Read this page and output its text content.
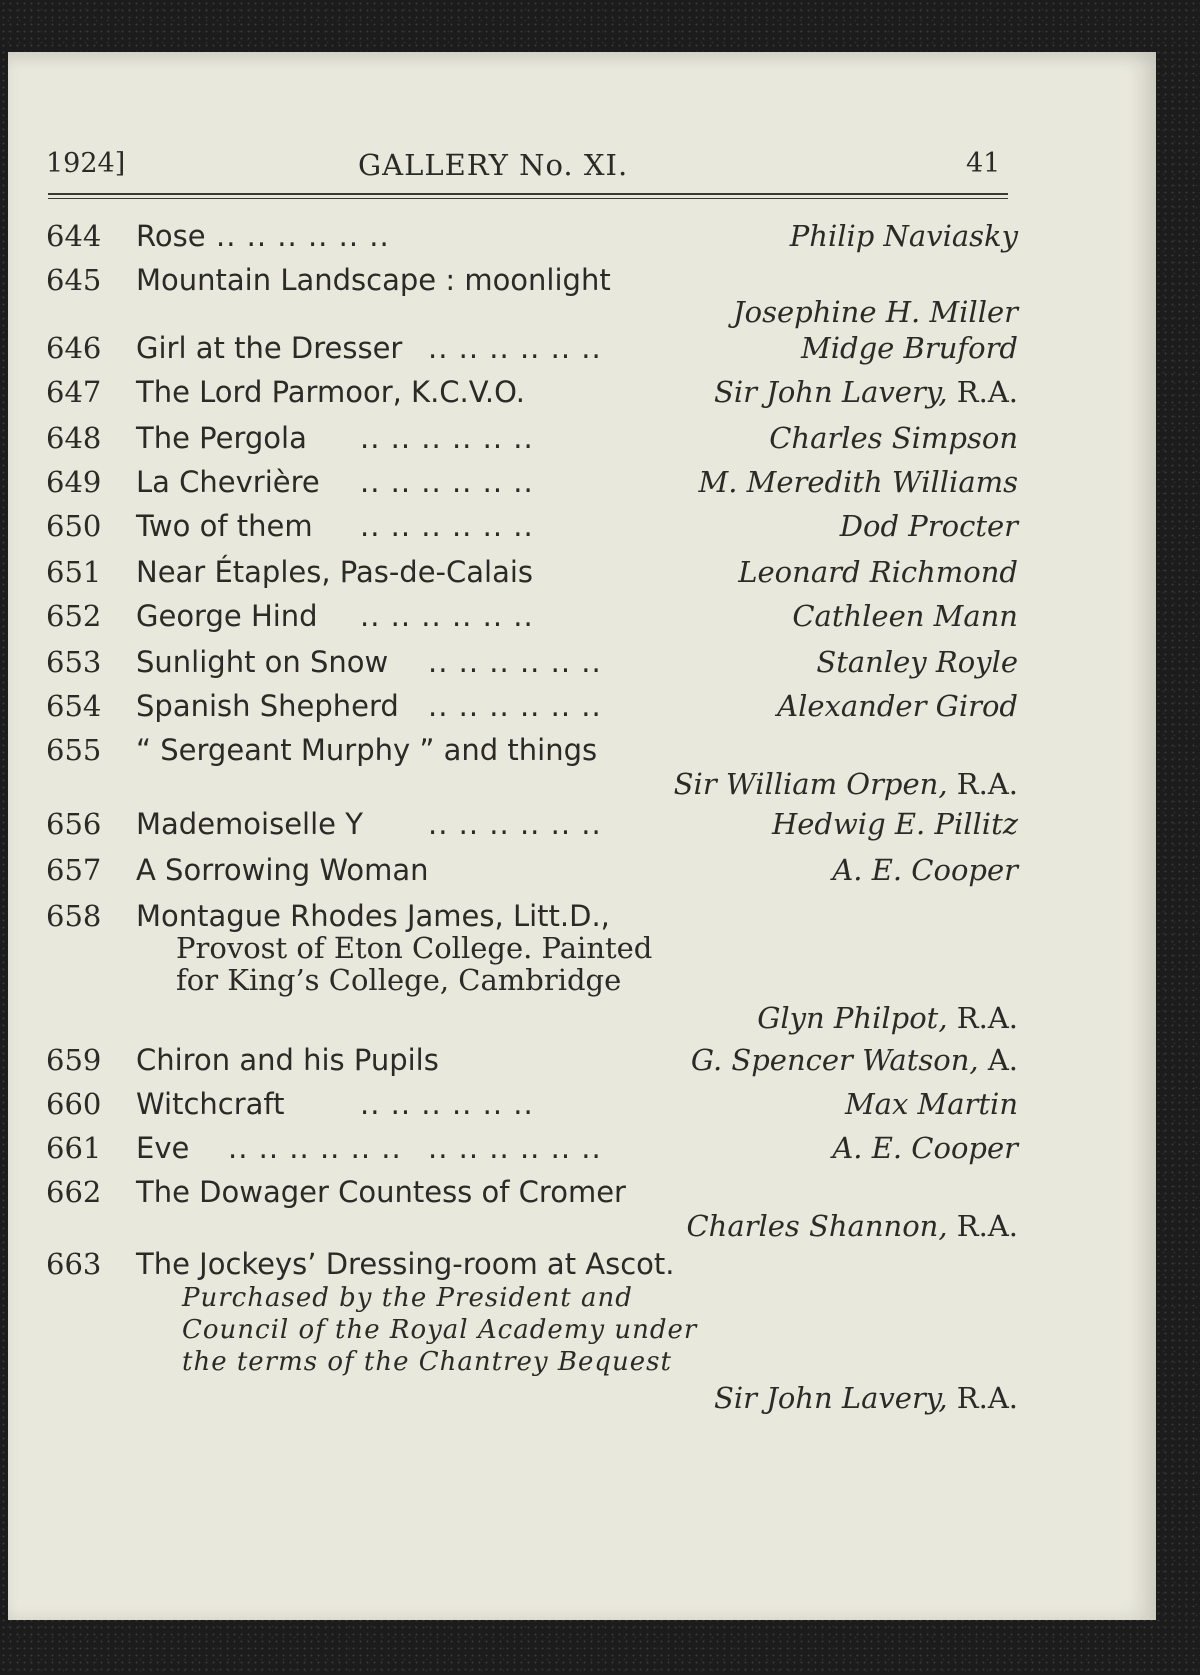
1924]	GALLERY No. XI.	41
644	Rose .. .. .. .. .. ..	Philip Naviasky
645	Mountain Landscape : moonlight
Josephine H. Miller
646	Girl at the Dresser .. .. .. .. .. ..	Midge Bruford
647	The Lord Parmoor, K.C.V.O.	Sir John Lavery, R.A.
648	The Pergola .. .. .. .. .. ..	Charles Simpson
649	La Chevrière .. .. .. .. .. ..	M. Meredith Williams
650	Two of them .. .. .. .. .. ..	Dod Procter
651	Near Étaples, Pas-de-Calais	Leonard Richmond
652	George Hind .. .. .. .. .. ..	Cathleen Mann
653	Sunlight on Snow .. .. .. .. .. ..	Stanley Royle
654	Spanish Shepherd .. .. .. .. .. ..	Alexander Girod
655	“ Sergeant Murphy ” and things
Sir William Orpen, R.A.
656	Mademoiselle Y .. .. .. .. .. ..	Hedwig E. Pillitz
657	A Sorrowing Woman	A. E. Cooper
658	Montague Rhodes James, Litt.D.,
Provost of Eton College. Painted
for King’s College, Cambridge
Glyn Philpot, R.A.
659	Chiron and his Pupils	G. Spencer Watson, A.
660	Witchcraft	.. .. .. .. .. ..	Max Martin
661	Eve .. .. .. .. .. .. .. .. .. .. .. ..	A. E. Cooper
662	The Dowager Countess of Cromer
Charles Shannon, R.A.
663	The Jockeys’ Dressing-room at Ascot.
Purchased by the President and
Council of the Royal Academy under
the terms of the Chantrey Bequest
Sir John Lavery, R.A.
